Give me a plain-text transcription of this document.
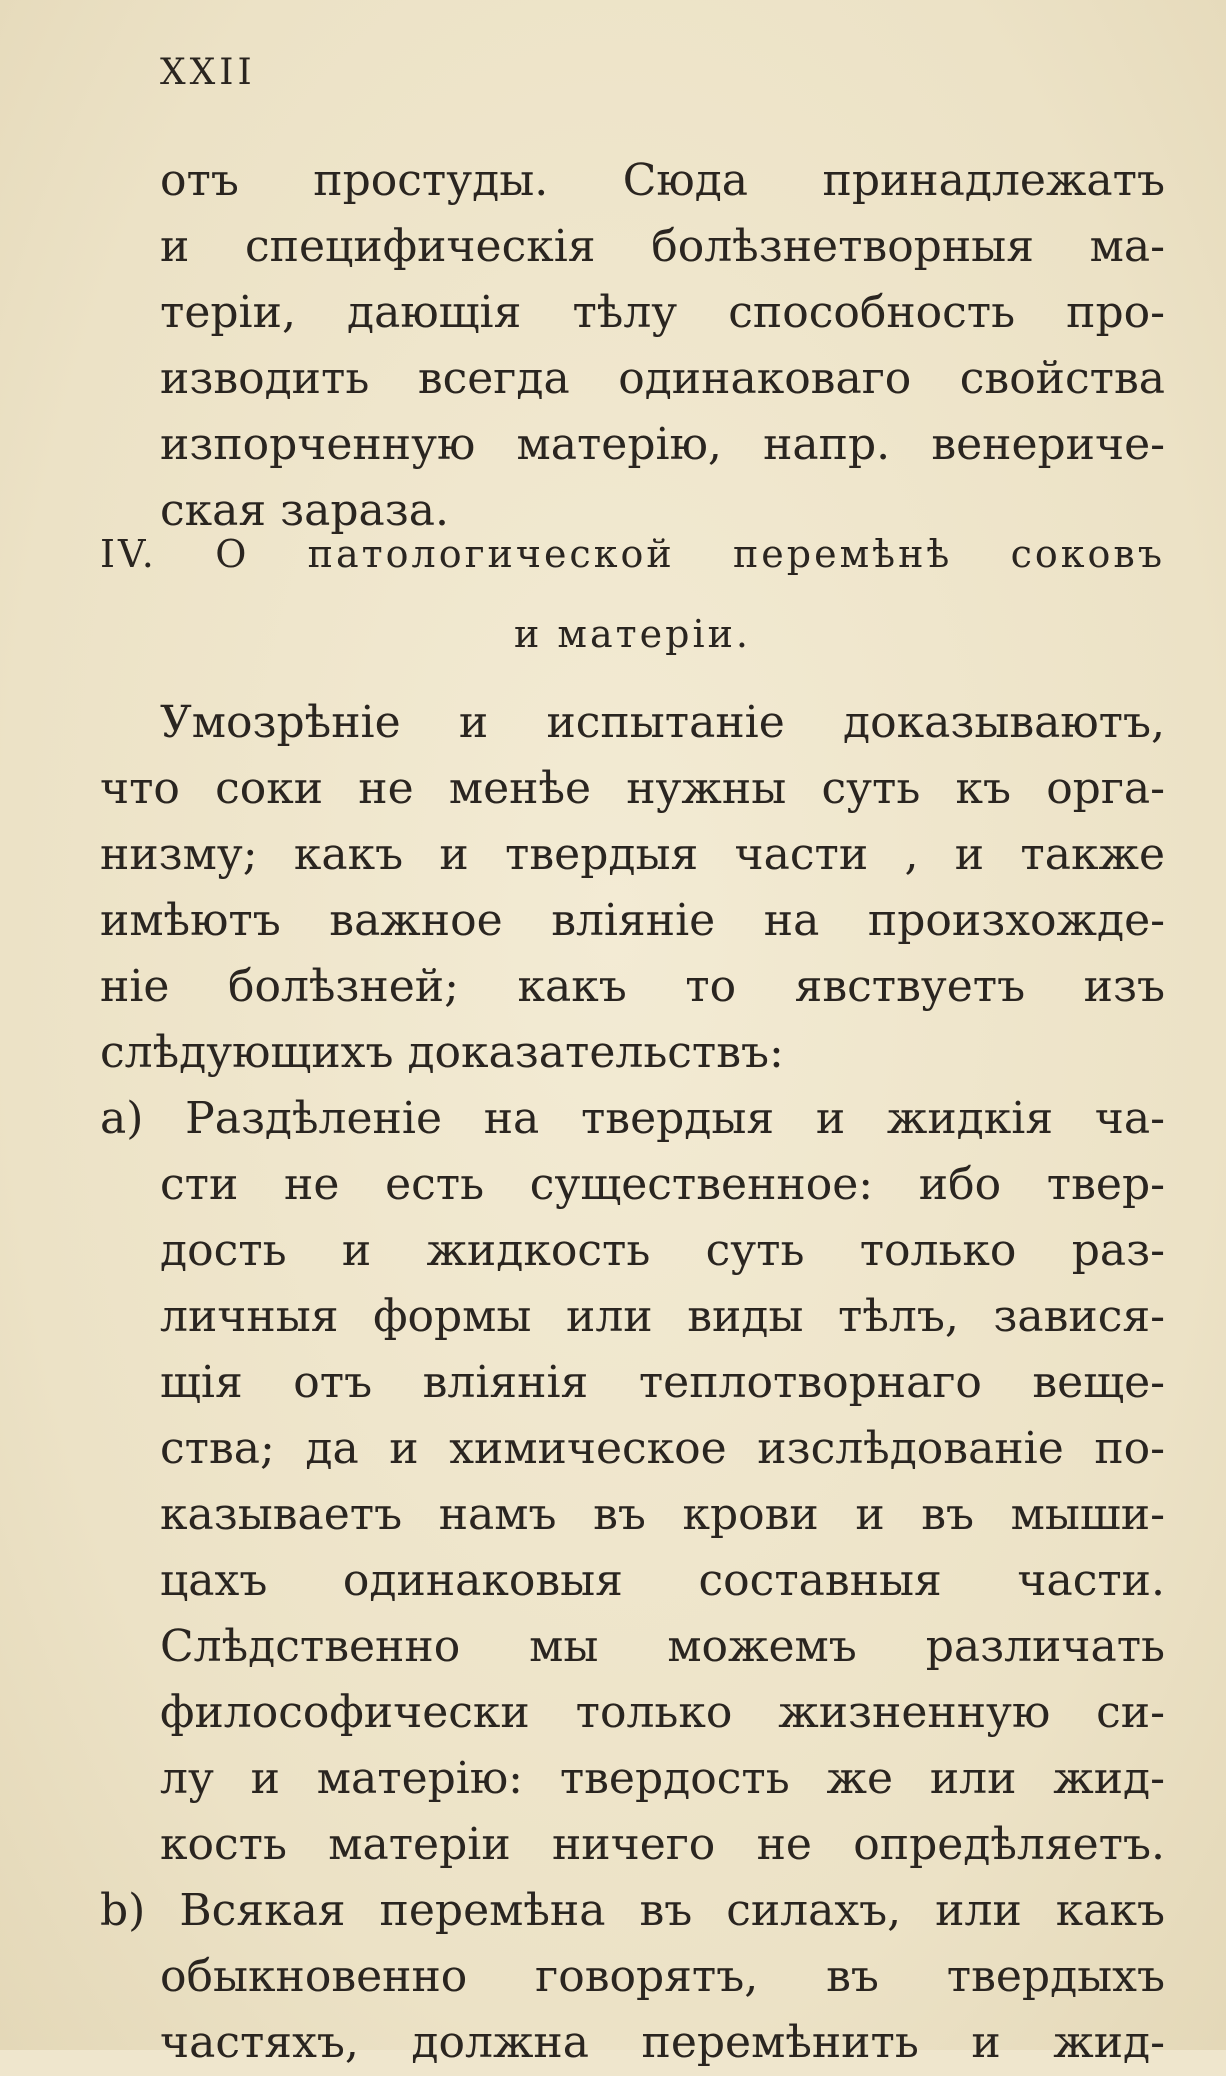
XXII
отъ простуды. Сюда принадлежатъ
и специфическія болѣзнетворныя ма-
теріи, дающія тѣлу способность про-
изводить всегда одинаковаго свойства
изпорченную матерію, напр. венериче-
ская зараза.
IV. О патологической перемѣнѣ соковъ
и матеріи.
Умозрѣніе и испытаніе доказываютъ,
что соки не менѣе нужны суть къ орга-
низму; какъ и твердыя части , и также
имѣютъ важное вліяніе на произхожде-
ніе болѣзней; какъ то явствуетъ изъ
слѣдующихъ доказательствъ:
a) Раздѣленіе на твердыя и жидкія ча-
сти не есть существенное: ибо твер-
дость и жидкость суть только раз-
личныя формы или виды тѣлъ, завися-
щія отъ вліянія теплотворнаго веще-
ства; да и химическое изслѣдованіе по-
казываетъ намъ въ крови и въ мыши-
цахъ одинаковыя составныя части.
Слѣдственно мы можемъ различать
философически только жизненную си-
лу и матерію: твердость же или жид-
кость матеріи ничего не опредѣляетъ.
b) Всякая перемѣна въ силахъ, или какъ
обыкновенно говорятъ, въ твердыхъ
частяхъ, должна перемѣнить и жид-
